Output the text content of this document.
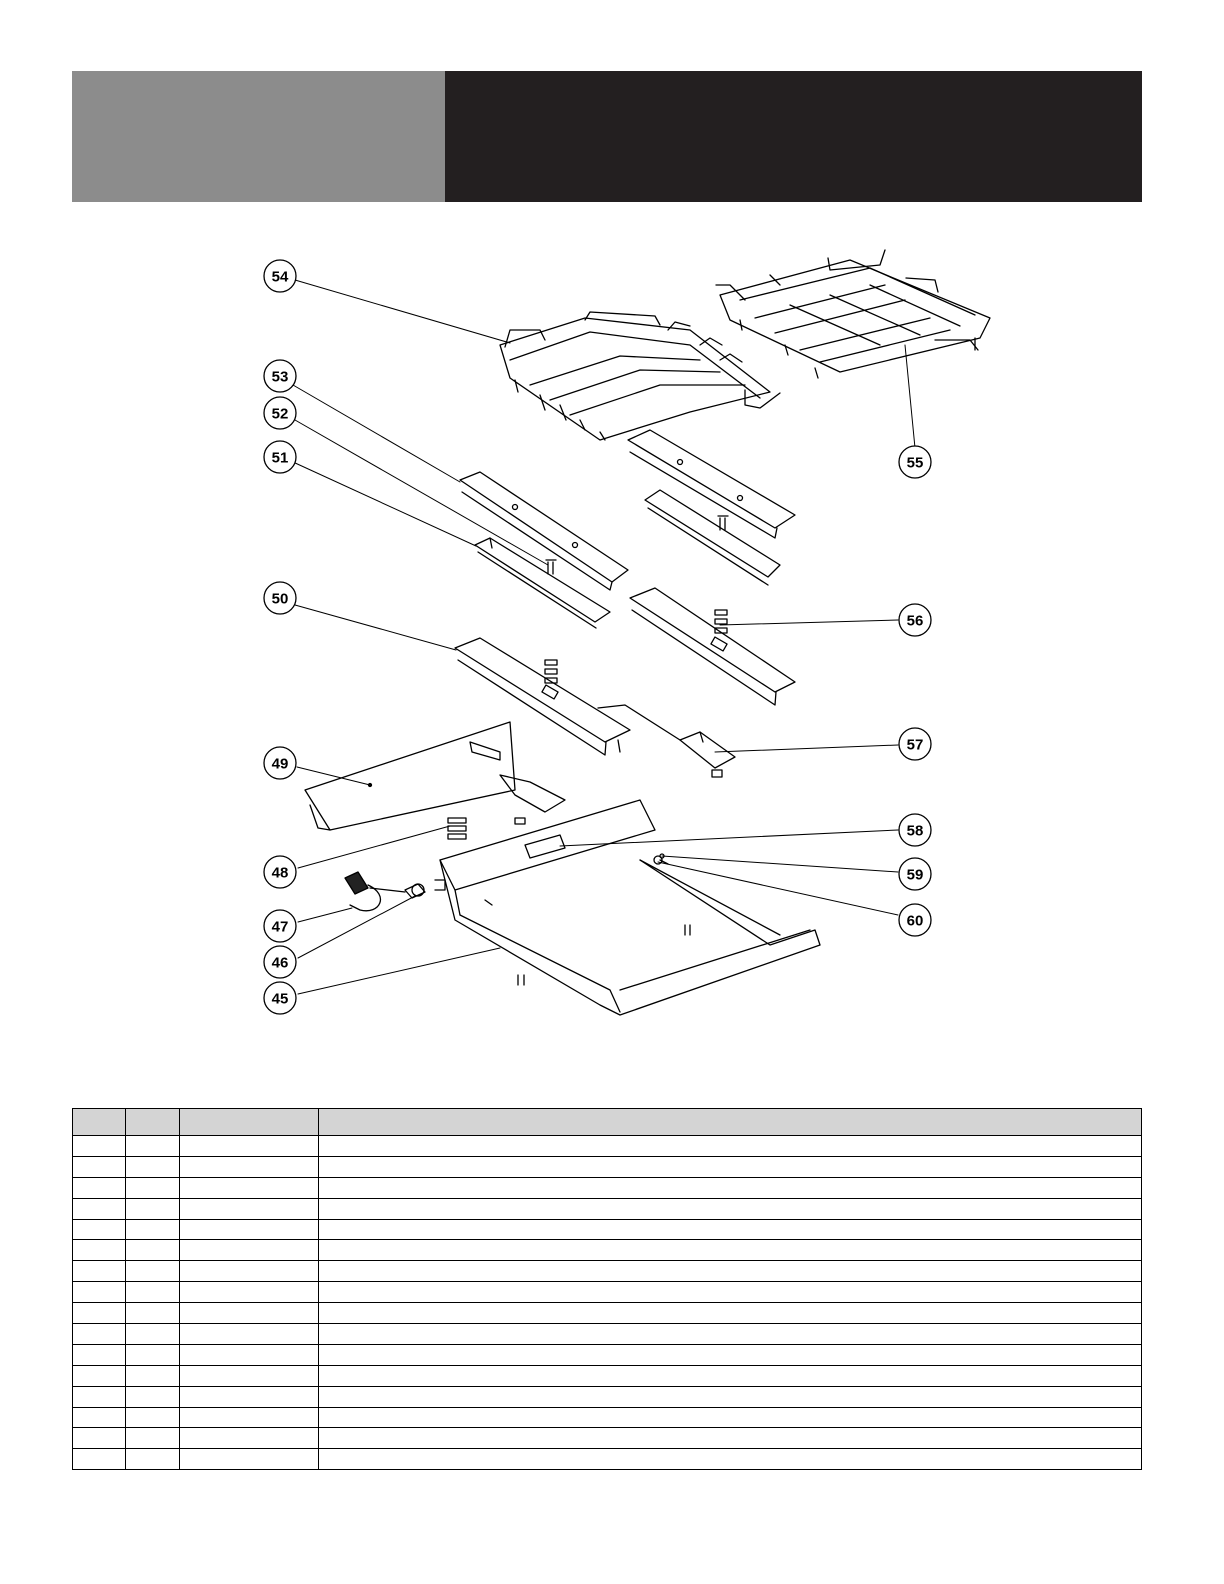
45
46
47
48
49
50
51
52
53
54
55
56
57
58
59
60
